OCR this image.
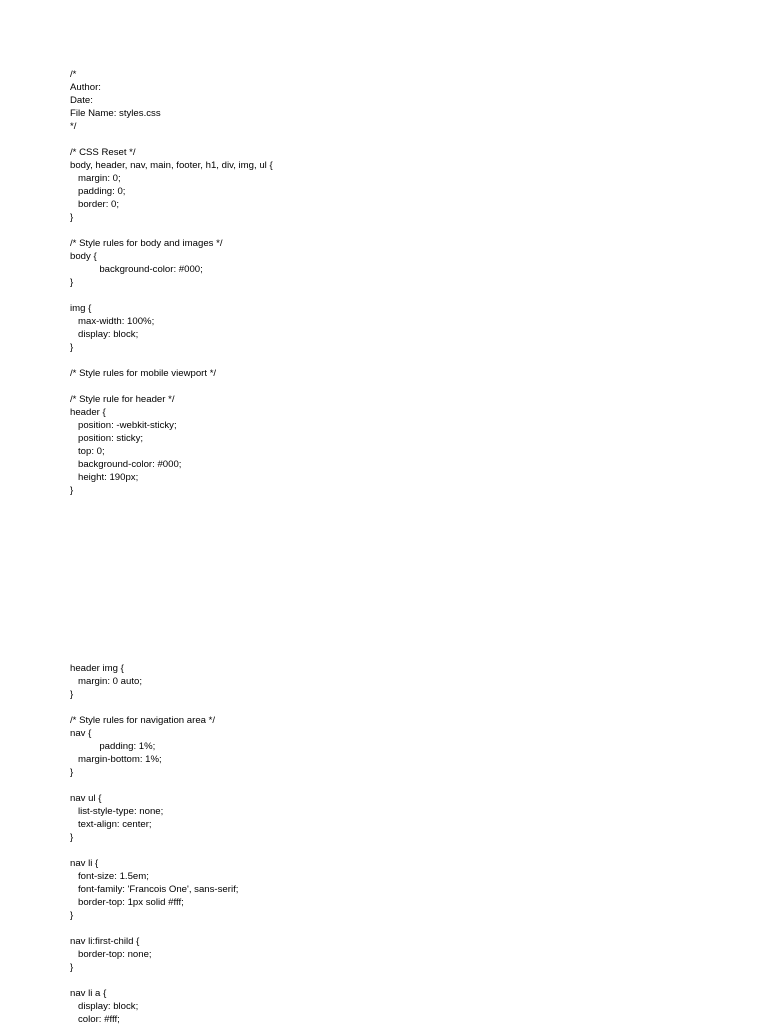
/*
Author:
Date:
File Name: styles.css
*/
/* CSS Reset */
body, header, nav, main, footer, h1, div, img, ul {
margin: 0;
padding: 0;
border: 0;
}
/* Style rules for body and images */
body {
background-color: #000;
}
img {
max-width: 100%;
display: block;
}
/* Style rules for mobile viewport */
/* Style rule for header */
header {
position: -webkit-sticky;
position: sticky;
top: 0;
background-color: #000;
height: 190px;
}
header img {
margin: 0 auto;
}
/* Style rules for navigation area */
nav {
padding: 1%;
margin-bottom: 1%;
}
nav ul {
list-style-type: none;
text-align: center;
}
nav li {
font-size: 1.5em;
font-family: 'Francois One', sans-serif;
border-top: 1px solid #fff;
}
nav li:first-child {
border-top: none;
}
nav li a {
display: block;
color: #fff;
